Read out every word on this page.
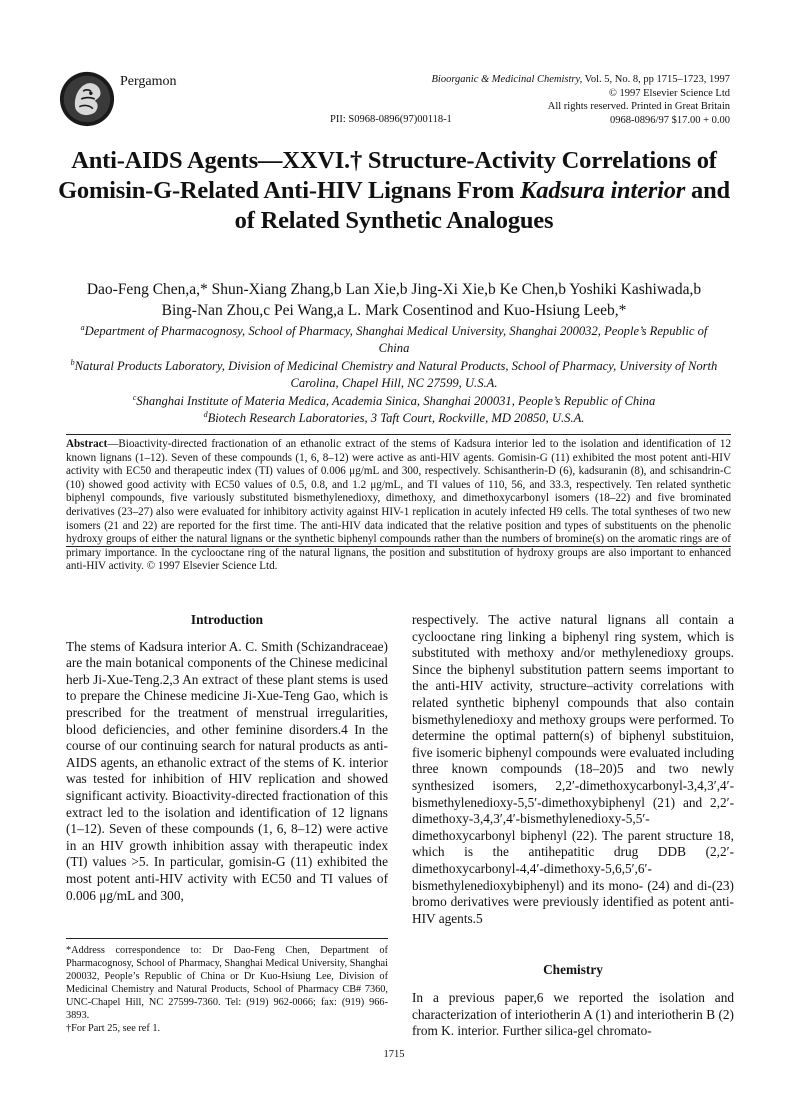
Pergamon	Bioorganic & Medicinal Chemistry, Vol. 5, No. 8, pp 1715–1723, 1997
© 1997 Elsevier Science Ltd
All rights reserved. Printed in Great Britain
0968-0896/97 $17.00 + 0.00
PII: S0968-0896(97)00118-1
Anti-AIDS Agents—XXVI.† Structure-Activity Correlations of Gomisin-G-Related Anti-HIV Lignans From Kadsura interior and of Related Synthetic Analogues
Dao-Feng Chen,a,* Shun-Xiang Zhang,b Lan Xie,b Jing-Xi Xie,b Ke Chen,b Yoshiki Kashiwada,b
Bing-Nan Zhou,c Pei Wang,a L. Mark Cosentinod and Kuo-Hsiung Leeb,*
$^a$Department of Pharmacognosy, School of Pharmacy, Shanghai Medical University, Shanghai 200032, People’s Republic of China
$^b$Natural Products Laboratory, Division of Medicinal Chemistry and Natural Products, School of Pharmacy, University of North Carolina, Chapel Hill, NC 27599, U.S.A.
$^c$Shanghai Institute of Materia Medica, Academia Sinica, Shanghai 200031, People’s Republic of China
$^d$Biotech Research Laboratories, 3 Taft Court, Rockville, MD 20850, U.S.A.
Abstract—Bioactivity-directed fractionation of an ethanolic extract of the stems of Kadsura interior led to the isolation and identification of 12 known lignans (1–12). Seven of these compounds (1, 6, 8–12) were active as anti-HIV agents. Gomisin-G (11) exhibited the most potent anti-HIV activity with EC50 and therapeutic index (TI) values of 0.006 μg/mL and 300, respectively. Schisantherin-D (6), kadsuranin (8), and schisandrin-C (10) showed good activity with EC50 values of 0.5, 0.8, and 1.2 μg/mL, and TI values of 110, 56, and 33.3, respectively. Ten related synthetic biphenyl compounds, five variously substituted bismethylenedioxy, dimethoxy, and dimethoxycarbonyl isomers (18–22) and five brominated derivatives (23–27) also were evaluated for inhibitory activity against HIV-1 replication in acutely infected H9 cells. The total syntheses of two new isomers (21 and 22) are reported for the first time. The anti-HIV data indicated that the relative position and types of substituents on the phenolic hydroxy groups of either the natural lignans or the synthetic biphenyl compounds rather than the numbers of bromine(s) on the aromatic rings are of primary importance. In the cyclooctane ring of the natural lignans, the position and substitution of hydroxy groups are also important to enhanced anti-HIV activity. © 1997 Elsevier Science Ltd.
Introduction
The stems of Kadsura interior A. C. Smith (Schizandraceae) are the main botanical components of the Chinese medicinal herb Ji-Xue-Teng.2,3 An extract of these plant stems is used to prepare the Chinese medicine Ji-Xue-Teng Gao, which is prescribed for the treatment of menstrual irregularities, blood deficiencies, and other feminine disorders.4 In the course of our continuing search for natural products as anti-AIDS agents, an ethanolic extract of the stems of K. interior was tested for inhibition of HIV replication and showed significant activity. Bioactivity-directed fractionation of this extract led to the isolation and identification of 12 lignans (1–12). Seven of these compounds (1, 6, 8–12) were active in an HIV growth inhibition assay with therapeutic index (TI) values >5. In particular, gomisin-G (11) exhibited the most potent anti-HIV activity with EC50 and TI values of 0.006 μg/mL and 300,
*Address correspondence to: Dr Dao-Feng Chen, Department of Pharmacognosy, School of Pharmacy, Shanghai Medical University, Shanghai 200032, People’s Republic of China or Dr Kuo-Hsiung Lee, Division of Medicinal Chemistry and Natural Products, School of Pharmacy CB# 7360, UNC-Chapel Hill, NC 27599-7360. Tel: (919) 962-0066; fax: (919) 966-3893.
†For Part 25, see ref 1.
respectively. The active natural lignans all contain a cyclooctane ring linking a biphenyl ring system, which is substituted with methoxy and/or methylenedioxy groups. Since the biphenyl substitution pattern seems important to the anti-HIV activity, structure–activity correlations with related synthetic biphenyl compounds that also contain bismethylenedioxy and methoxy groups were performed. To determine the optimal pattern(s) of biphenyl substituion, five isomeric biphenyl compounds were evaluated including three known compounds (18–20)5 and two newly synthesized isomers, 2,2′-dimethoxycarbonyl-3,4,3′,4′-bismethylenedioxy-5,5′-dimethoxybiphenyl (21) and 2,2′-dimethoxy-3,4,3′,4′-bismethylenedioxy-5,5′-dimethoxycarbonyl biphenyl (22). The parent structure 18, which is the antihepatitic drug DDB (2,2′-dimethoxycarbonyl-4,4′-dimethoxy-5,6,5′,6′-bismethylenedioxybiphenyl) and its mono- (24) and di-(23) bromo derivatives were previously identified as potent anti-HIV agents.5
Chemistry
In a previous paper,6 we reported the isolation and characterization of interiotherin A (1) and interiotherin B (2) from K. interior. Further silica-gel chromato-
1715
